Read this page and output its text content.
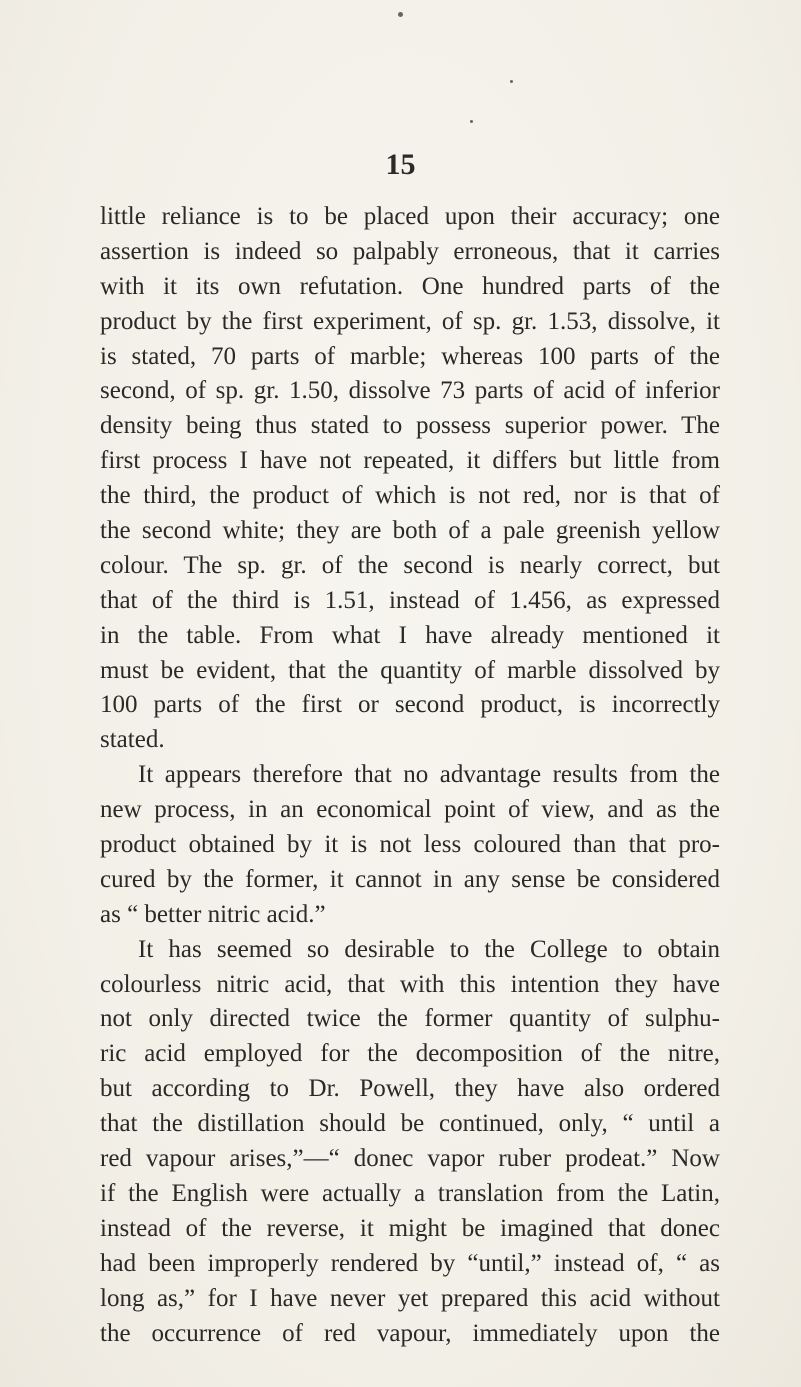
15
little reliance is to be placed upon their accuracy; one
assertion is indeed so palpably erroneous, that it carries
with it its own refutation. One hundred parts of the
product by the first experiment, of sp. gr. 1.53, dissolve, it
is stated, 70 parts of marble; whereas 100 parts of the
second, of sp. gr. 1.50, dissolve 73 parts of acid of inferior
density being thus stated to possess superior power. The
first process I have not repeated, it differs but little from
the third, the product of which is not red, nor is that of
the second white; they are both of a pale greenish yellow
colour. The sp. gr. of the second is nearly correct, but
that of the third is 1.51, instead of 1.456, as expressed
in the table. From what I have already mentioned it
must be evident, that the quantity of marble dissolved by
100 parts of the first or second product, is incorrectly
stated.
It appears therefore that no advantage results from the
new process, in an economical point of view, and as the
product obtained by it is not less coloured than that pro-
cured by the former, it cannot in any sense be considered
as “ better nitric acid.”
It has seemed so desirable to the College to obtain
colourless nitric acid, that with this intention they have
not only directed twice the former quantity of sulphu-
ric acid employed for the decomposition of the nitre,
but according to Dr. Powell, they have also ordered
that the distillation should be continued, only, “ until a
red vapour arises,”—“ donec vapor ruber prodeat.” Now
if the English were actually a translation from the Latin,
instead of the reverse, it might be imagined that donec
had been improperly rendered by “until,” instead of, “ as
long as,” for I have never yet prepared this acid without
the occurrence of red vapour, immediately upon the
